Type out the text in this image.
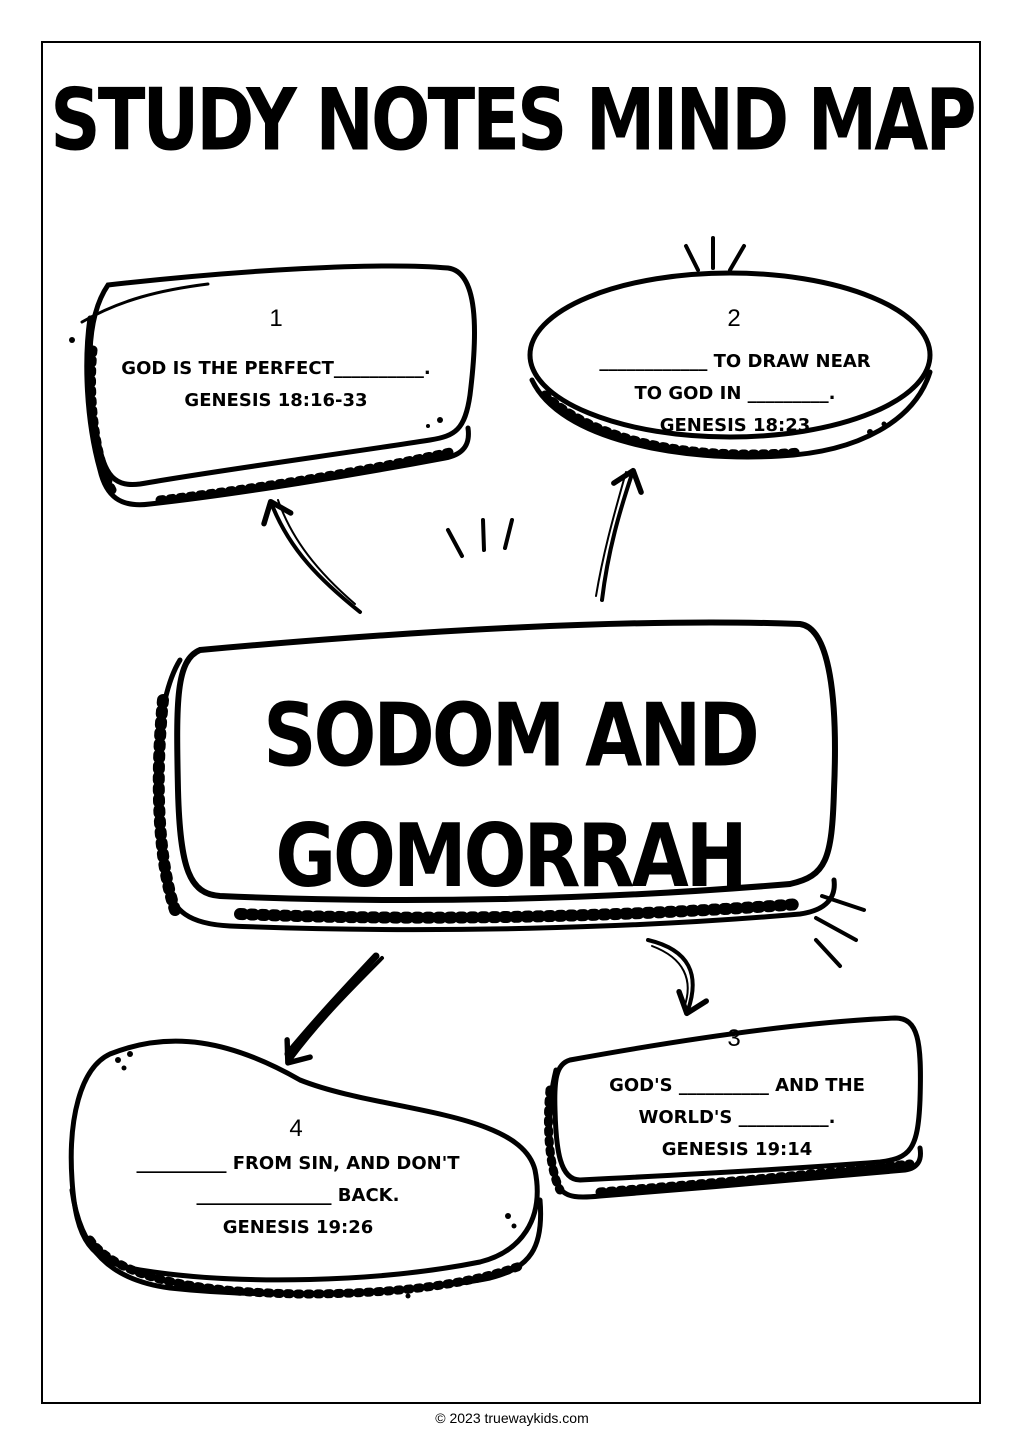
STUDY NOTES MIND MAP
SODOM AND
GOMORRAH
1
GOD IS THE PERFECT__________.
GENESIS 18:16-33
2
____________ TO DRAW NEAR
TO GOD IN _________.
GENESIS 18:23
3
GOD'S __________ AND THE
WORLD'S __________.
GENESIS 19:14
4
__________ FROM SIN, AND DON'T
_______________ BACK.
GENESIS 19:26
© 2023 truewaykids.com
